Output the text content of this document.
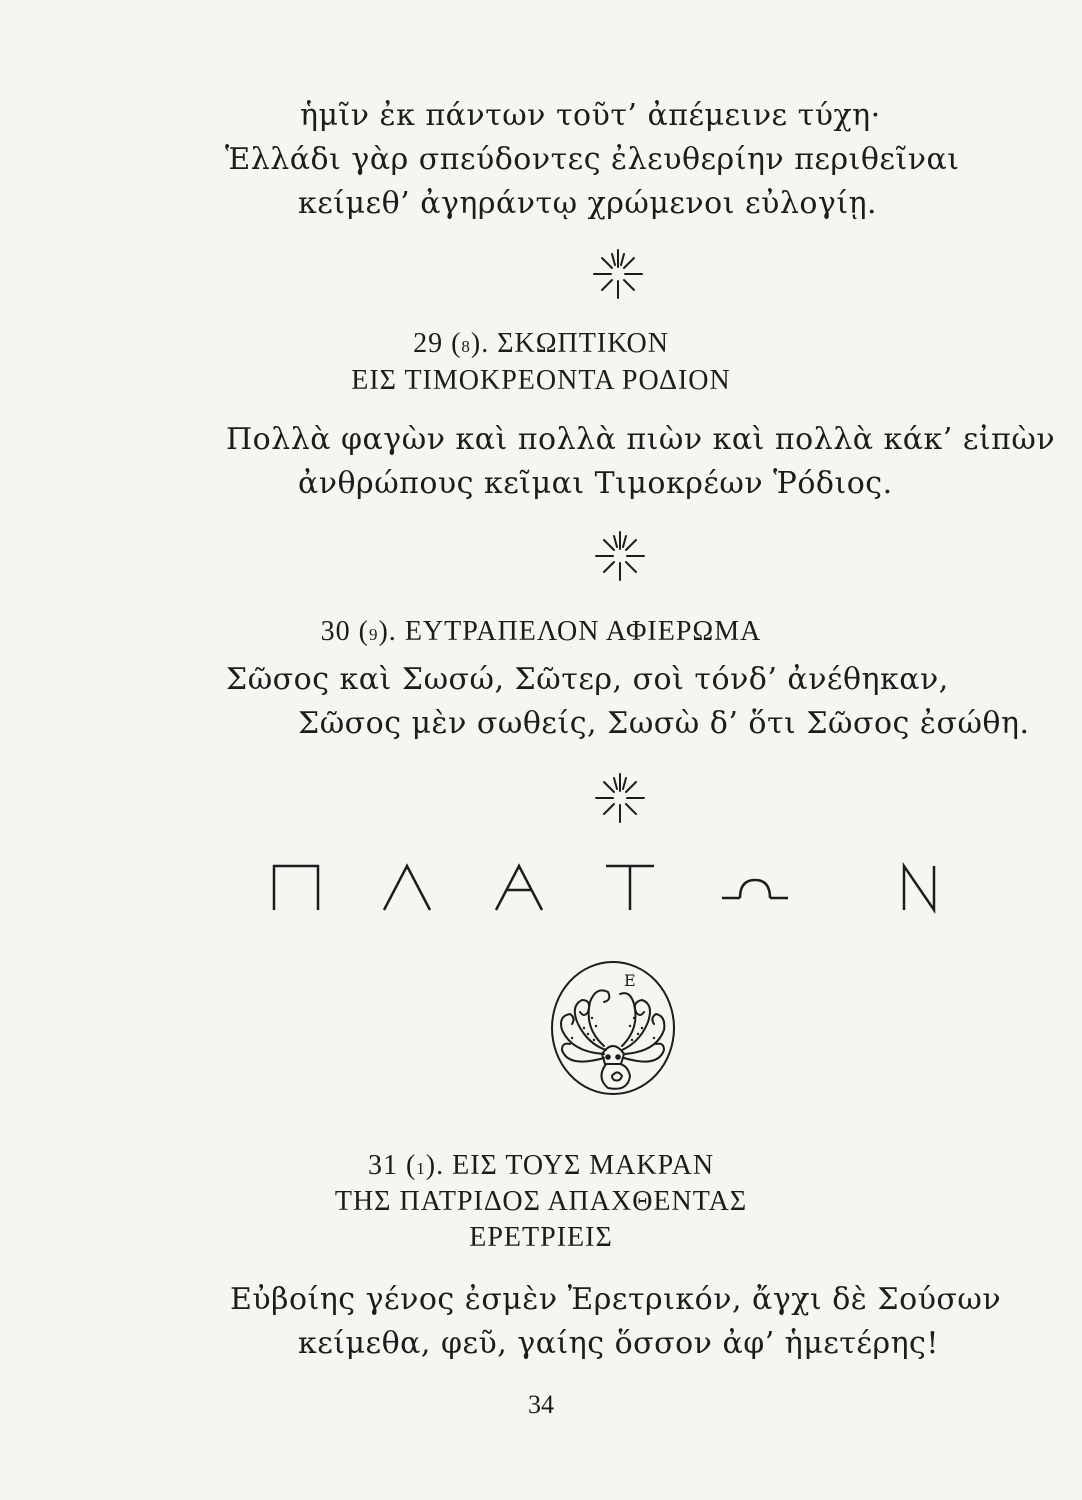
ἡμῖν ἐκ πάντων τοῦτ’ ἀπέμεινε τύχη·
Ἑλλάδι γὰρ σπεύδοντες ἐλευθερίην περιθεῖναι
κείμεθ’ ἀγηράντῳ χρώμενοι εὐλογίῃ.
29 (8). ΣΚΩΠΤΙΚΟΝ
ΕΙΣ ΤΙΜΟΚΡΕΟΝΤΑ ΡΟΔΙΟΝ
Πολλὰ φαγὼν καὶ πολλὰ πιὼν καὶ πολλὰ κάκ’ εἰπὼν
ἀνθρώπους κεῖμαι Τιμοκρέων Ῥόδιος.
30 (9). ΕΥΤΡΑΠΕΛΟΝ ΑΦΙΕΡΩΜΑ
Σῶσος καὶ Σωσώ, Σῶτερ, σοὶ τόνδ’ ἀνέθηκαν,
Σῶσος μὲν σωθείς, Σωσὼ δ’ ὅτι Σῶσος ἐσώθη.
Ε
31 (1). ΕΙΣ ΤΟΥΣ ΜΑΚΡΑΝ
ΤΗΣ ΠΑΤΡΙΔΟΣ ΑΠΑΧΘΕΝΤΑΣ
ΕΡΕΤΡΙΕΙΣ
Εὐβοίης γένος ἐσμὲν Ἐρετρικόν, ἄγχι δὲ Σούσων
κείμεθα, φεῦ, γαίης ὅσσον ἀφ’ ἡμετέρης!
34
